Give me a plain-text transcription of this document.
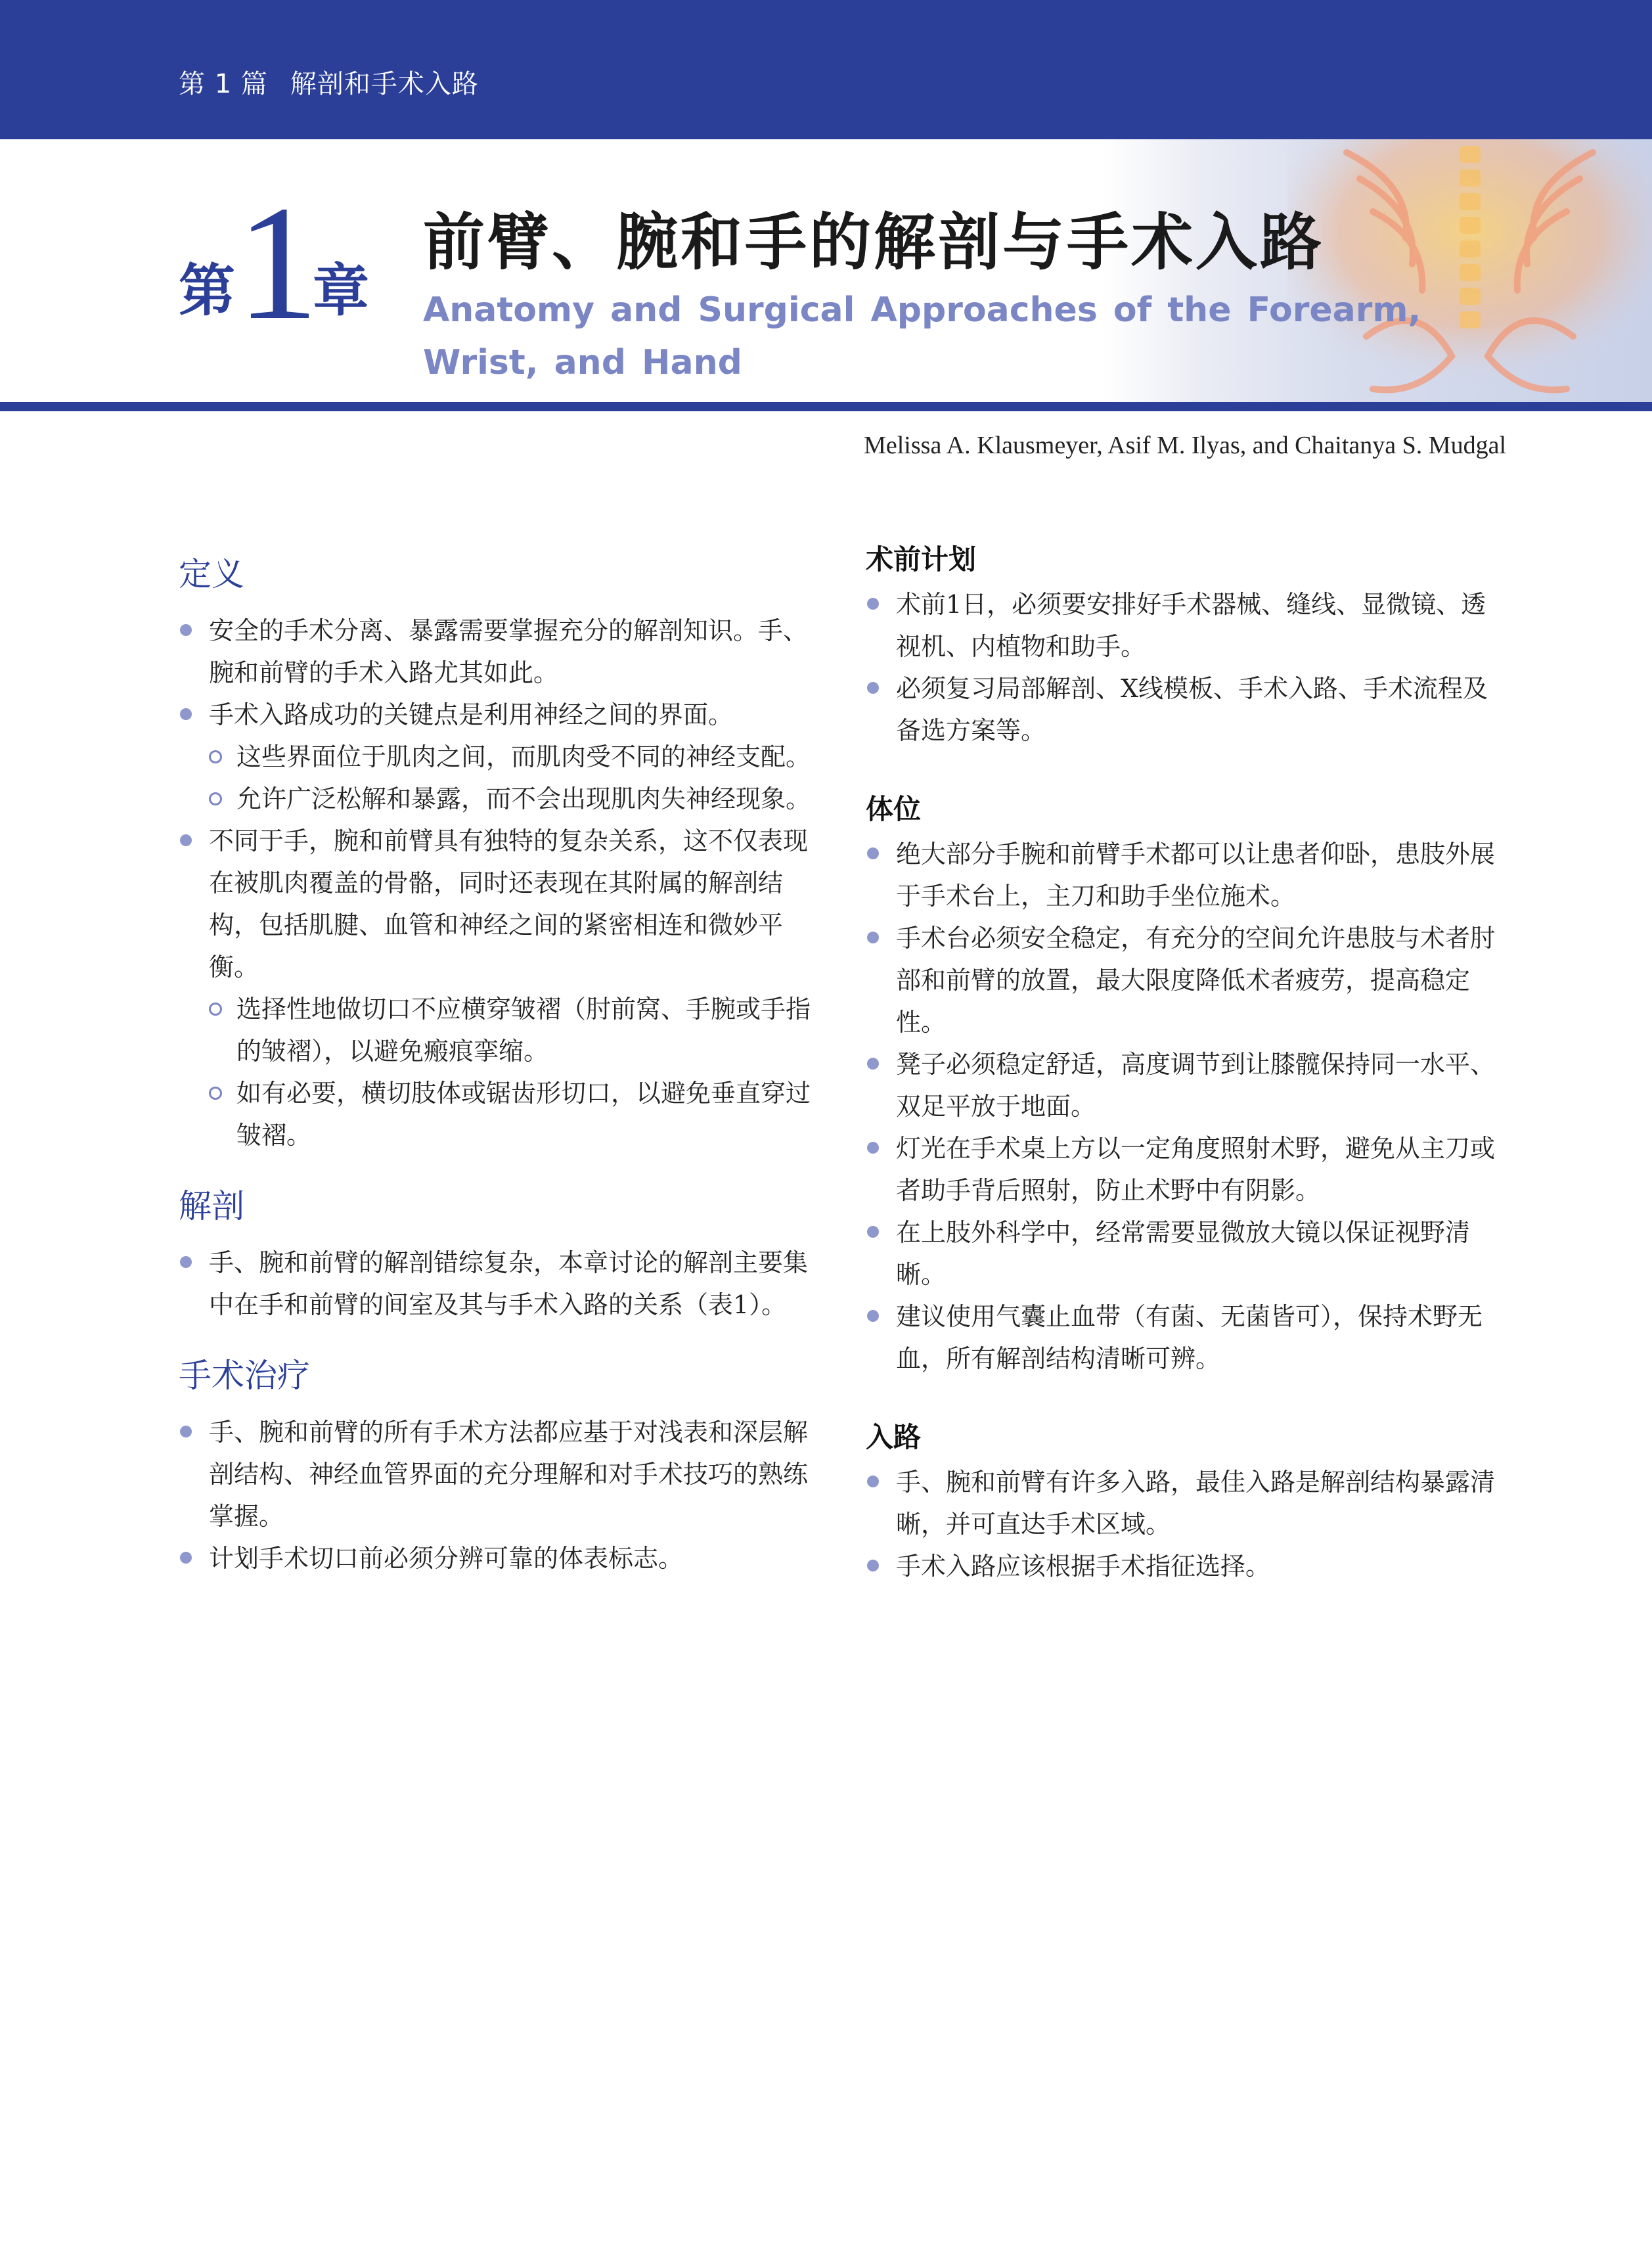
第 1 篇 解剖和手术入路
第 1
章
前臂、腕和手的解剖与手术入路
Anatomy and Surgical Approaches of the Forearm, Wrist, and Hand
Melissa A. Klausmeyer, Asif M. Ilyas, and Chaitanya S. Mudgal
定义
安全的手术分离、暴露需要掌握充分的解剖知识。手、腕和前臂的手术入路尤其如此。
手术入路成功的关键点是利用神经之间的界面。
这些界面位于肌肉之间，而肌肉受不同的神经支配。
允许广泛松解和暴露，而不会出现肌肉失神经现象。
不同于手，腕和前臂具有独特的复杂关系，这不仅表现在被肌肉覆盖的骨骼，同时还表现在其附属的解剖结构，包括肌腱、血管和神经之间的紧密相连和微妙平衡。
选择性地做切口不应横穿皱褶（肘前窝、手腕或手指的皱褶），以避免瘢痕挛缩。
如有必要，横切肢体或锯齿形切口，以避免垂直穿过皱褶。
解剖
手、腕和前臂的解剖错综复杂，本章讨论的解剖主要集中在手和前臂的间室及其与手术入路的关系（表1）。
手术治疗
手、腕和前臂的所有手术方法都应基于对浅表和深层解剖结构、神经血管界面的充分理解和对手术技巧的熟练掌握。
计划手术切口前必须分辨可靠的体表标志。
术前计划
术前1日，必须要安排好手术器械、缝线、显微镜、透视机、内植物和助手。
必须复习局部解剖、X线模板、手术入路、手术流程及备选方案等。
体位
绝大部分手腕和前臂手术都可以让患者仰卧，患肢外展于手术台上，主刀和助手坐位施术。
手术台必须安全稳定，有充分的空间允许患肢与术者肘部和前臂的放置，最大限度降低术者疲劳，提高稳定性。
凳子必须稳定舒适，高度调节到让膝髋保持同一水平、双足平放于地面。
灯光在手术桌上方以一定角度照射术野，避免从主刀或者助手背后照射，防止术野中有阴影。
在上肢外科学中，经常需要显微放大镜以保证视野清晰。
建议使用气囊止血带（有菌、无菌皆可），保持术野无血，所有解剖结构清晰可辨。
入路
手、腕和前臂有许多入路，最佳入路是解剖结构暴露清晰，并可直达手术区域。
手术入路应该根据手术指征选择。
